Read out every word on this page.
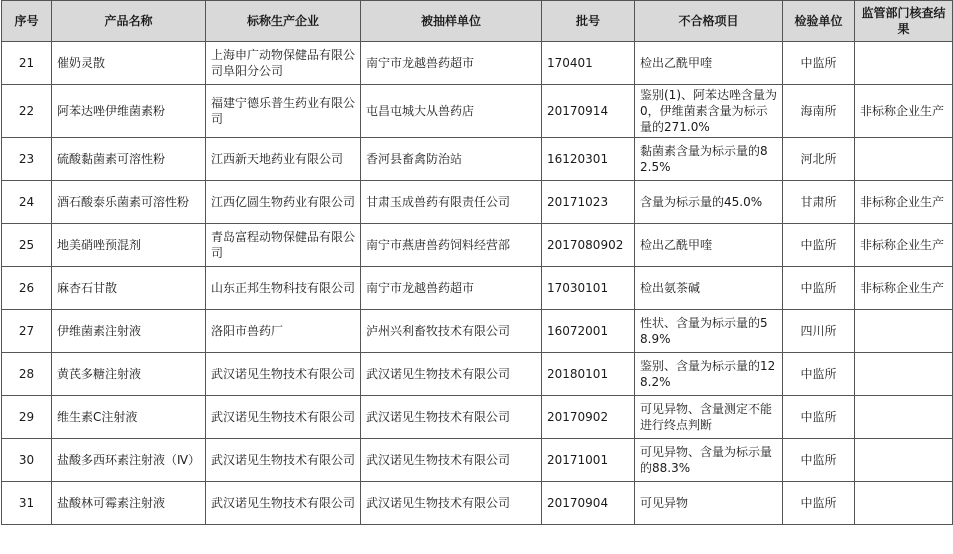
序号	产品名称	标称生产企业	被抽样单位	批号	不合格项目	检验单位	监管部门核查结果
21	催奶灵散	上海申广动物保健品有限公司阜阳分公司	南宁市龙越兽药超市	170401	检出乙酰甲喹	中监所	
22	阿苯达唑伊维菌素粉	福建宁德乐普生药业有限公司	屯昌屯城大从兽药店	20170914	鉴别(1)、阿苯达唑含量为0，伊维菌素含量为标示量的271.0%	海南所	非标称企业生产
23	硫酸黏菌素可溶性粉	江西新天地药业有限公司	香河县畜禽防治站	16120301	黏菌素含量为标示量的82.5%	河北所	
24	酒石酸泰乐菌素可溶性粉	江西亿圆生物药业有限公司	甘肃玉成兽药有限责任公司	20171023	含量为标示量的45.0%	甘肃所	非标称企业生产
25	地美硝唑预混剂	青岛富程动物保健品有限公司	南宁市燕唐兽药饲料经营部	2017080902	检出乙酰甲喹	中监所	非标称企业生产
26	麻杏石甘散	山东正邦生物科技有限公司	南宁市龙越兽药超市	17030101	检出氨茶碱	中监所	非标称企业生产
27	伊维菌素注射液	洛阳市兽药厂	泸州兴利畜牧技术有限公司	16072001	性状、含量为标示量的58.9%	四川所	
28	黄芪多糖注射液	武汉诺见生物技术有限公司	武汉诺见生物技术有限公司	20180101	鉴别、含量为标示量的128.2%	中监所	
29	维生素C注射液	武汉诺见生物技术有限公司	武汉诺见生物技术有限公司	20170902	可见异物、含量测定不能进行终点判断	中监所	
30	盐酸多西环素注射液（Ⅳ）	武汉诺见生物技术有限公司	武汉诺见生物技术有限公司	20171001	可见异物、含量为标示量的88.3%	中监所	
31	盐酸林可霉素注射液	武汉诺见生物技术有限公司	武汉诺见生物技术有限公司	20170904	可见异物	中监所	
